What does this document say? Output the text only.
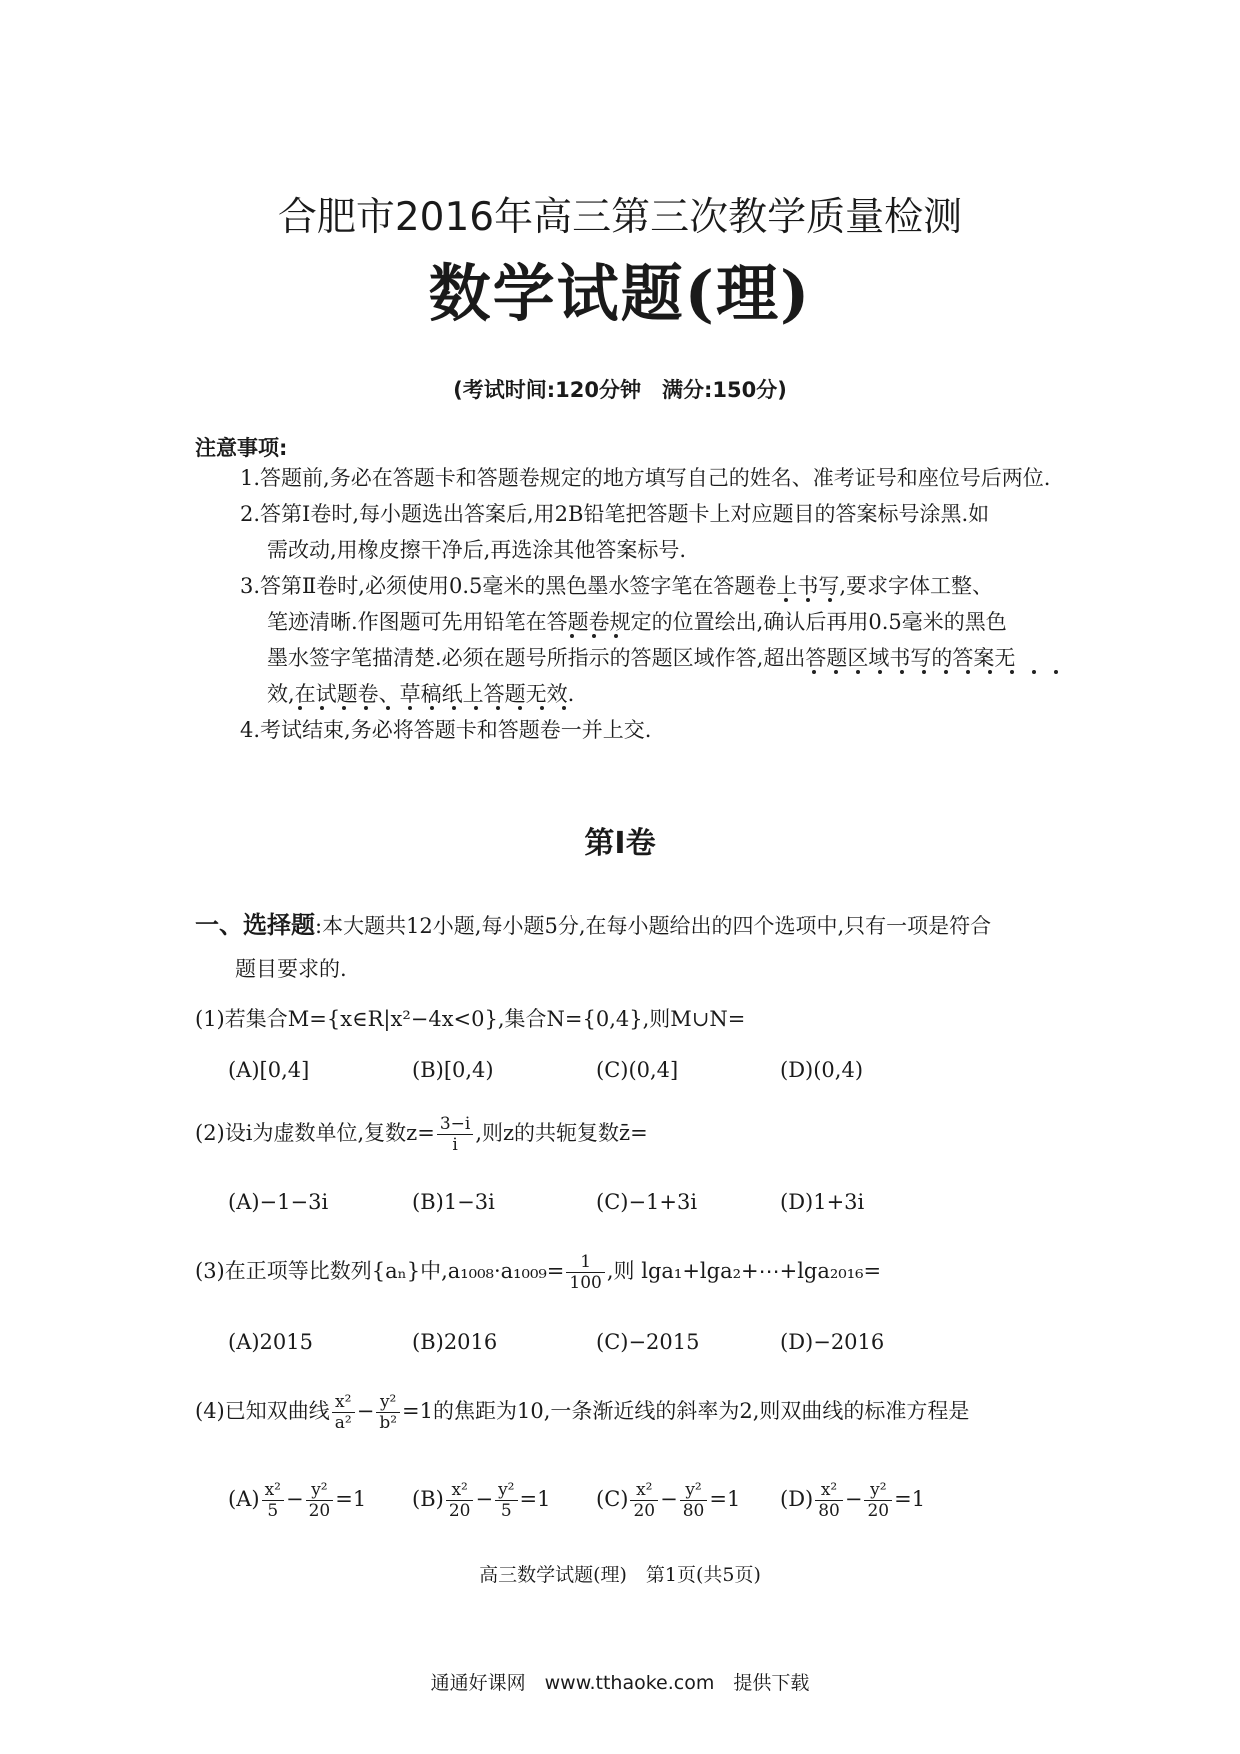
合肥市2016年高三第三次教学质量检测
数学试题(理)
(考试时间:120分钟　满分:150分)
注意事项:
1.答题前,务必在答题卡和答题卷规定的地方填写自己的姓名、准考证号和座位号后两位.
2.答第Ⅰ卷时,每小题选出答案后,用2B铅笔把答题卡上对应题目的答案标号涂黑.如
需改动,用橡皮擦干净后,再选涂其他答案标号.
3.答第Ⅱ卷时,必须使用0.5毫米的黑色墨水签字笔在答题卷上书写,要求字体工整、
笔迹清晰.作图题可先用铅笔在答题卷规定的位置绘出,确认后再用0.5毫米的黑色
墨水签字笔描清楚.必须在题号所指示的答题区域作答,超出答题区域书写的答案无
效,在试题卷、草稿纸上答题无效.
4.考试结束,务必将答题卡和答题卷一并上交.
第Ⅰ卷
一、选择题:本大题共12小题,每小题5分,在每小题给出的四个选项中,只有一项是符合
题目要求的.
(1)若集合M={x∈R|x²−4x<0},集合N={0,4},则M∪N=
(A)[0,4]	(B)[0,4)	(C)(0,4]	(D)(0,4)
(2)设i为虚数单位,复数$z= \frac{3-i}{i}$ ,则z的共轭复数z̄=
(A)−1−3i	(B)1−3i	(C)−1+3i	(D)1+3i
(3)在正项等比数列{aₙ}中$,a_{1008}\cdot a_{1009}= \frac{1}{100}$ ,则 lga₁+lga₂+⋯+lga₂₀₁₆=
(A)2015	(B)2016	(C)−2015	(D)−2016
(4)已知双曲线 $\frac{\text{x²}}{\text{a²}} - \frac{\text{y²}}{\text{b²}} =1$的焦距为10,一条渐近线的斜率为2,则双曲线的标准方程是
$(A) \frac{\text{x²}}{5} - \frac{\text{y²}}{20} =1$ $(B) \frac{\text{x²}}{20} - \frac{\text{y²}}{5} =1$ $(C) \frac{\text{x²}}{20} - \frac{\text{y²}}{80} =1$ $(D) \frac{\text{x²}}{80} - \frac{\text{y²}}{20} =1$
高三数学试题(理)　第1页(共5页)
通通好课网　www.tthaoke.com　提供下载
